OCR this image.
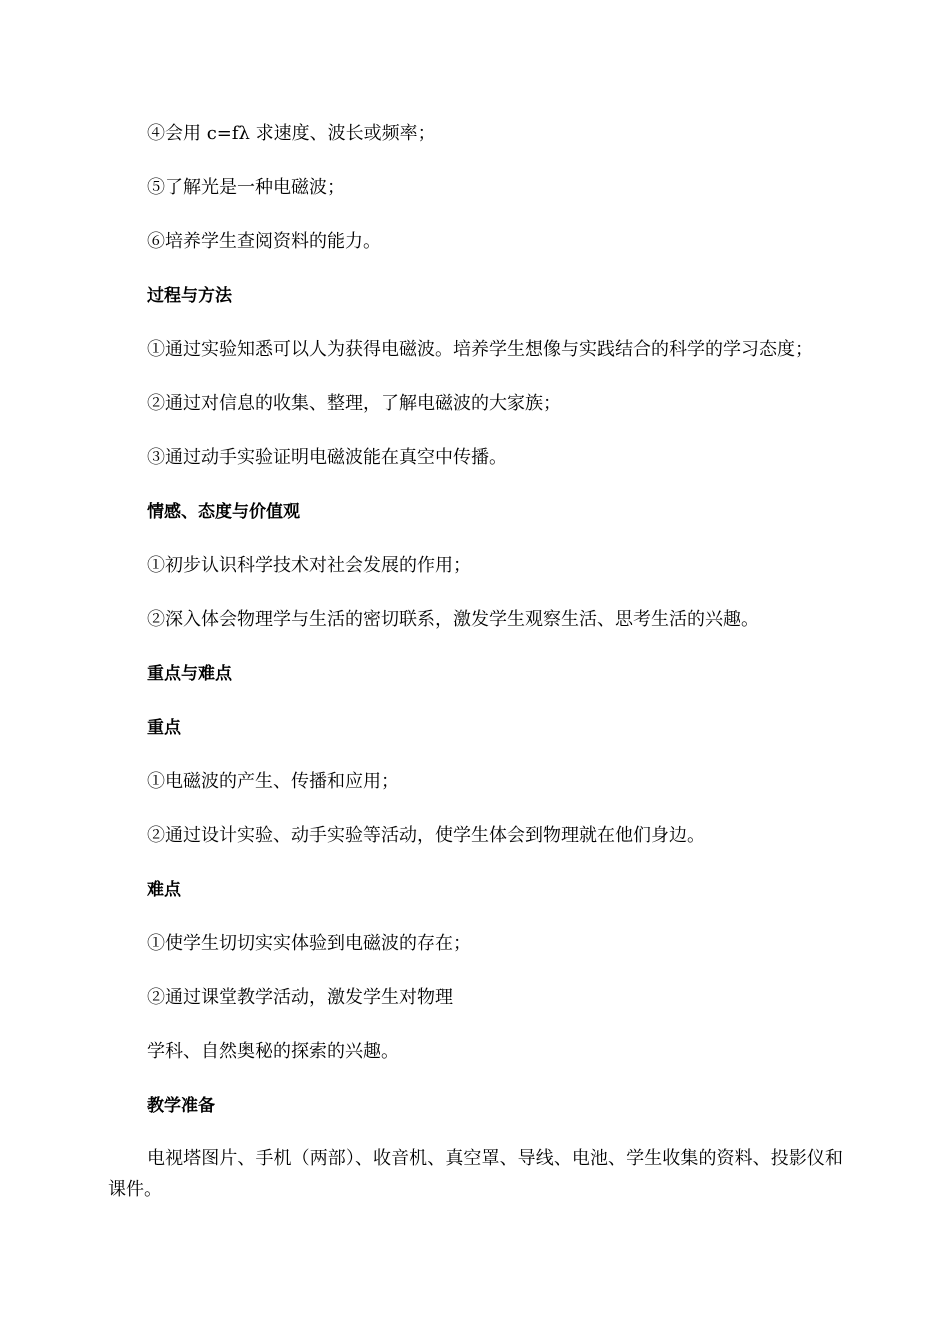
④会用 c=fλ 求速度、波长或频率；
⑤了解光是一种电磁波；
⑥培养学生查阅资料的能力。
过程与方法
①通过实验知悉可以人为获得电磁波。培养学生想像与实践结合的科学的学习态度；
②通过对信息的收集、整理，了解电磁波的大家族；
③通过动手实验证明电磁波能在真空中传播。
情感、态度与价值观
①初步认识科学技术对社会发展的作用；
②深入体会物理学与生活的密切联系，激发学生观察生活、思考生活的兴趣。
重点与难点
重点
①电磁波的产生、传播和应用；
②通过设计实验、动手实验等活动，使学生体会到物理就在他们身边。
难点
①使学生切切实实体验到电磁波的存在；
②通过课堂教学活动，激发学生对物理
学科、自然奥秘的探索的兴趣。
教学准备
电视塔图片、手机（两部）、收音机、真空罩、导线、电池、学生收集的资料、投影仪和课件。
